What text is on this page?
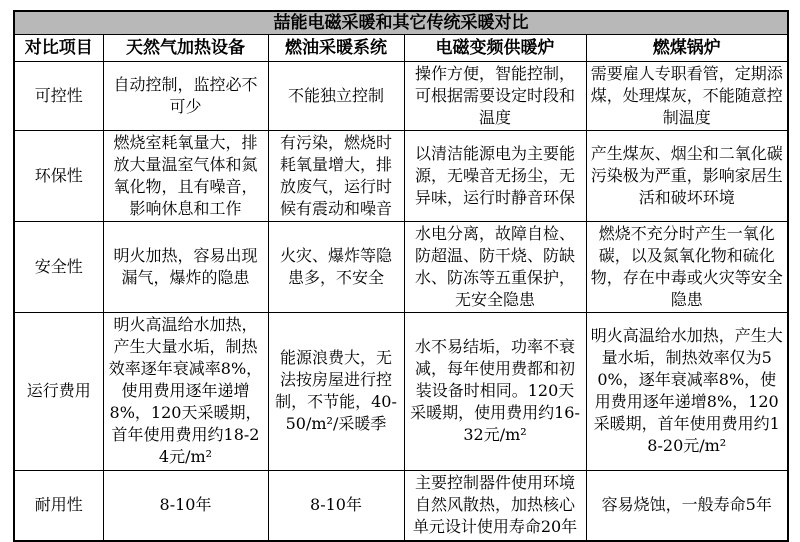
喆能电磁采暖和其它传统采暖对比				
对比项目	天然气加热设备	燃油采暖系统	电磁变频供暖炉	燃煤锅炉
可控性	自动控制，监控必不可少	不能独立控制	操作方便，智能控制，可根据需要设定时段和温度	需要雇人专职看管，定期添煤，处理煤灰，不能随意控制温度
环保性	燃烧室耗氧量大，排放大量温室气体和氮氧化物，且有噪音，影响休息和工作	有污染，燃烧时耗氧量增大，排放废气，运行时候有震动和噪音	以清洁能源电为主要能源，无噪音无扬尘，无异味，运行时静音环保	产生煤灰、烟尘和二氧化碳污染极为严重，影响家居生活和破坏环境
安全性	明火加热，容易出现漏气，爆炸的隐患	火灾、爆炸等隐患多，不安全	水电分离，故障自检、防超温、防干烧、防缺水、防冻等五重保护，无安全隐患	燃烧不充分时产生一氧化碳，以及氮氧化物和硫化物，存在中毒或火灾等安全隐患
运行费用	明火高温给水加热，产生大量水垢，制热效率逐年衰减率8%，使用费用逐年递增8%，120天采暖期，首年使用费用约18-24元/m²	能源浪费大，无法按房屋进行控制，不节能，40-50/m²/采暖季	水不易结垢，功率不衰减，每年使用费都和初装设备时相同。120天采暖期，使用费用约16-32元/m²	明火高温给水加热，产生大量水垢，制热效率仅为50%，逐年衰减率8%，使用费用逐年递增8%，120采暖期，首年使用费用约18-20元/m²
耐用性	8-10年	8-10年	主要控制器件使用环境自然风散热，加热核心单元设计使用寿命20年	容易烧蚀，一般寿命5年
